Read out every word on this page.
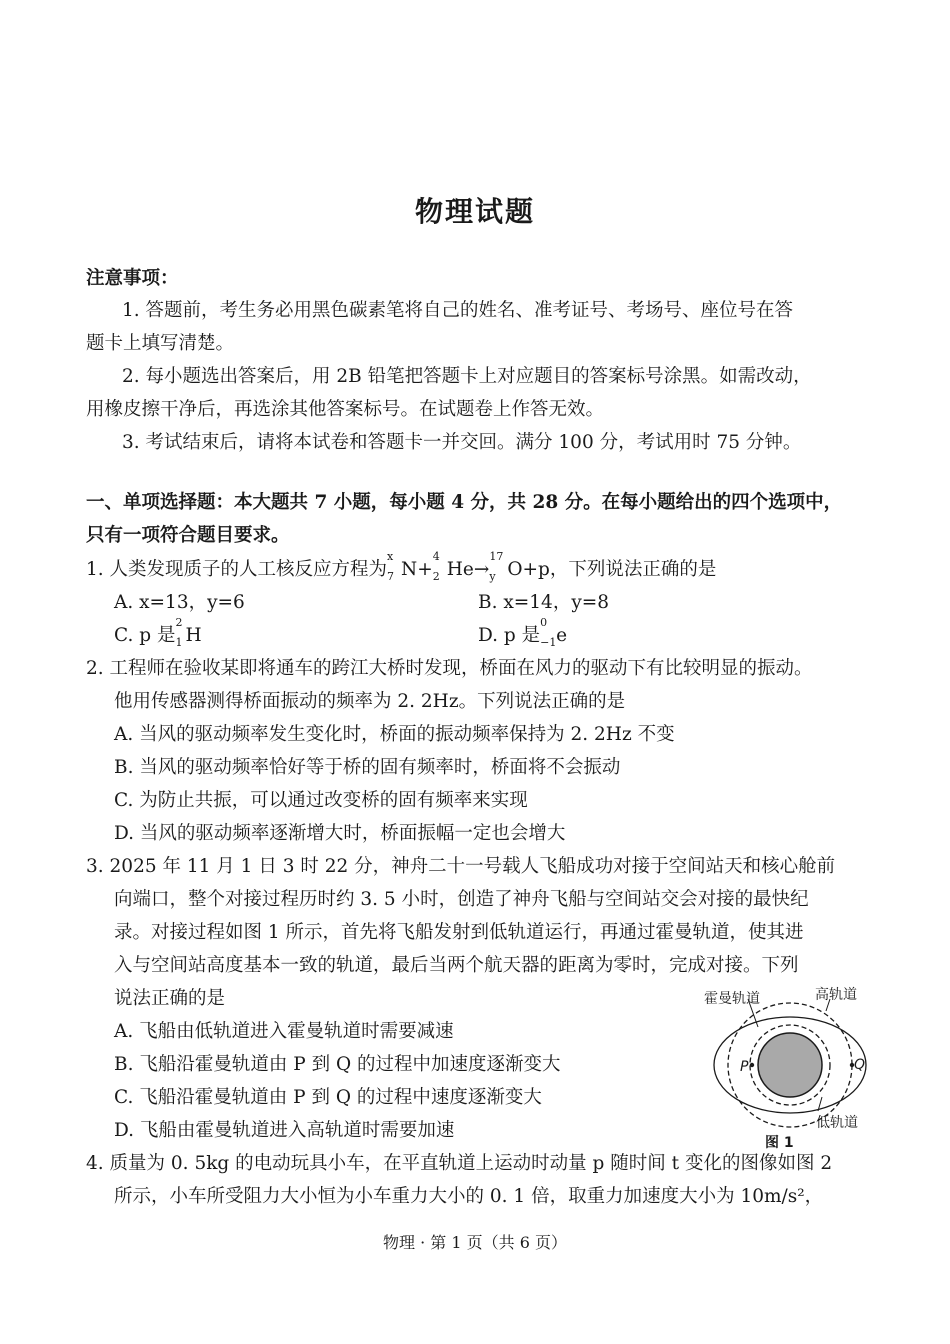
物理试题
注意事项：
1. 答题前，考生务必用黑色碳素笔将自己的姓名、准考证号、考场号、座位号在答
题卡上填写清楚。
2. 每小题选出答案后，用 2B 铅笔把答题卡上对应题目的答案标号涂黑。如需改动，
用橡皮擦干净后，再选涂其他答案标号。在试题卷上作答无效。
3. 考试结束后，请将本试卷和答题卡一并交回。满分 100 分，考试用时 75 分钟。
一、单项选择题：本大题共 7 小题，每小题 4 分，共 28 分。在每小题给出的四个选项中，
只有一项符合题目要求。
1. 人类发现质子的人工核反应方程为
x
7 N+
4
2 He→
17
y O+p，下列说法正确的是
A. x=13，y=6	B. x=14，y=8
C. p 是
2
1 H	D. p 是
0
−1 e
2. 工程师在验收某即将通车的跨江大桥时发现，桥面在风力的驱动下有比较明显的振动。
他用传感器测得桥面振动的频率为 2. 2Hz。下列说法正确的是
A. 当风的驱动频率发生变化时，桥面的振动频率保持为 2. 2Hz 不变
B. 当风的驱动频率恰好等于桥的固有频率时，桥面将不会振动
C. 为防止共振，可以通过改变桥的固有频率来实现
D. 当风的驱动频率逐渐增大时，桥面振幅一定也会增大
3. 2025 年 11 月 1 日 3 时 22 分，神舟二十一号载人飞船成功对接于空间站天和核心舱前
向端口，整个对接过程历时约 3. 5 小时，创造了神舟飞船与空间站交会对接的最快纪
录。对接过程如图 1 所示，首先将飞船发射到低轨道运行，再通过霍曼轨道，使其进
入与空间站高度基本一致的轨道，最后当两个航天器的距离为零时，完成对接。下列
说法正确的是
A. 飞船由低轨道进入霍曼轨道时需要减速
B. 飞船沿霍曼轨道由 P 到 Q 的过程中加速度逐渐变大
C. 飞船沿霍曼轨道由 P 到 Q 的过程中速度逐渐变大
D. 飞船由霍曼轨道进入高轨道时需要加速
霍曼轨道	高轨道
P	Q
低轨道
图 1
4. 质量为 0. 5kg 的电动玩具小车，在平直轨道上运动时动量 p 随时间 t 变化的图像如图 2
所示，小车所受阻力大小恒为小车重力大小的 0. 1 倍，取重力加速度大小为 10m/s²，
物理 · 第 1 页（共 6 页）
